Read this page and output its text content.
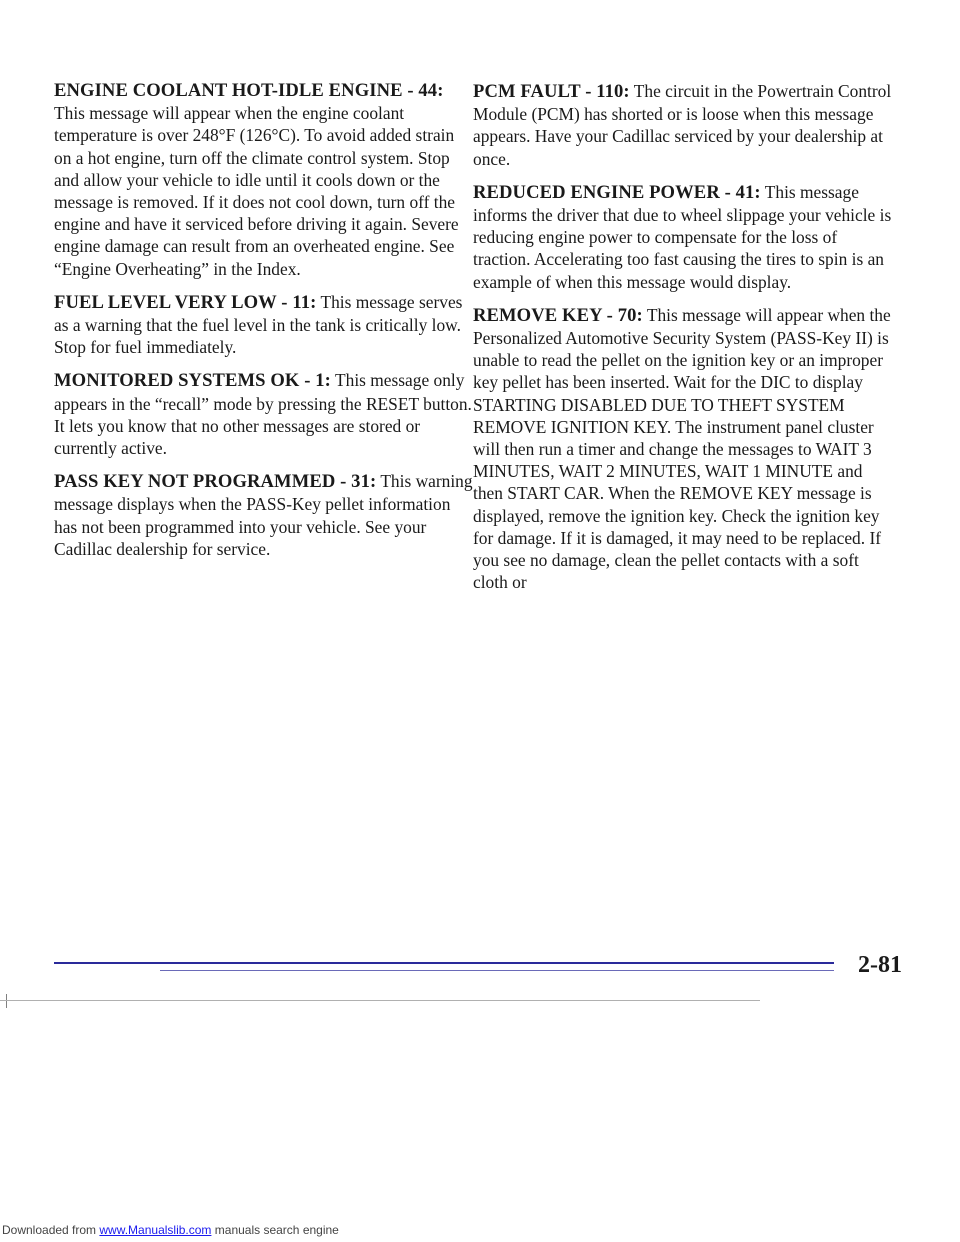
ENGINE COOLANT HOT-IDLE ENGINE - 44:
This message will appear when the engine coolant temperature is over 248°F (126°C). To avoid added strain on a hot engine, turn off the climate control system. Stop and allow your vehicle to idle until it cools down or the message is removed. If it does not cool down, turn off the engine and have it serviced before driving it again. Severe engine damage can result from an overheated engine. See “Engine Overheating” in the Index.

FUEL LEVEL VERY LOW - 11: This message serves as a warning that the fuel level in the tank is critically low. Stop for fuel immediately.

MONITORED SYSTEMS OK - 1: This message only appears in the “recall” mode by pressing the RESET button. It lets you know that no other messages are stored or currently active.

PASS KEY NOT PROGRAMMED - 31: This warning message displays when the PASS-Key pellet information has not been programmed into your vehicle. See your Cadillac dealership for service.

PCM FAULT - 110: The circuit in the Powertrain Control Module (PCM) has shorted or is loose when this message appears. Have your Cadillac serviced by your dealership at once.

REDUCED ENGINE POWER - 41: This message informs the driver that due to wheel slippage your vehicle is reducing engine power to compensate for the loss of traction. Accelerating too fast causing the tires to spin is an example of when this message would display.

REMOVE KEY - 70: This message will appear when the Personalized Automotive Security System (PASS-Key II) is unable to read the pellet on the ignition key or an improper key pellet has been inserted. Wait for the DIC to display STARTING DISABLED DUE TO THEFT SYSTEM REMOVE IGNITION KEY. The instrument panel cluster will then run a timer and change the messages to WAIT 3 MINUTES, WAIT 2 MINUTES, WAIT 1 MINUTE and then START CAR. When the REMOVE KEY message is displayed, remove the ignition key. Check the ignition key for damage. If it is damaged, it may need to be replaced. If you see no damage, clean the pellet contacts with a soft cloth or

2-81
Downloaded from www.Manualslib.com manuals search engine
